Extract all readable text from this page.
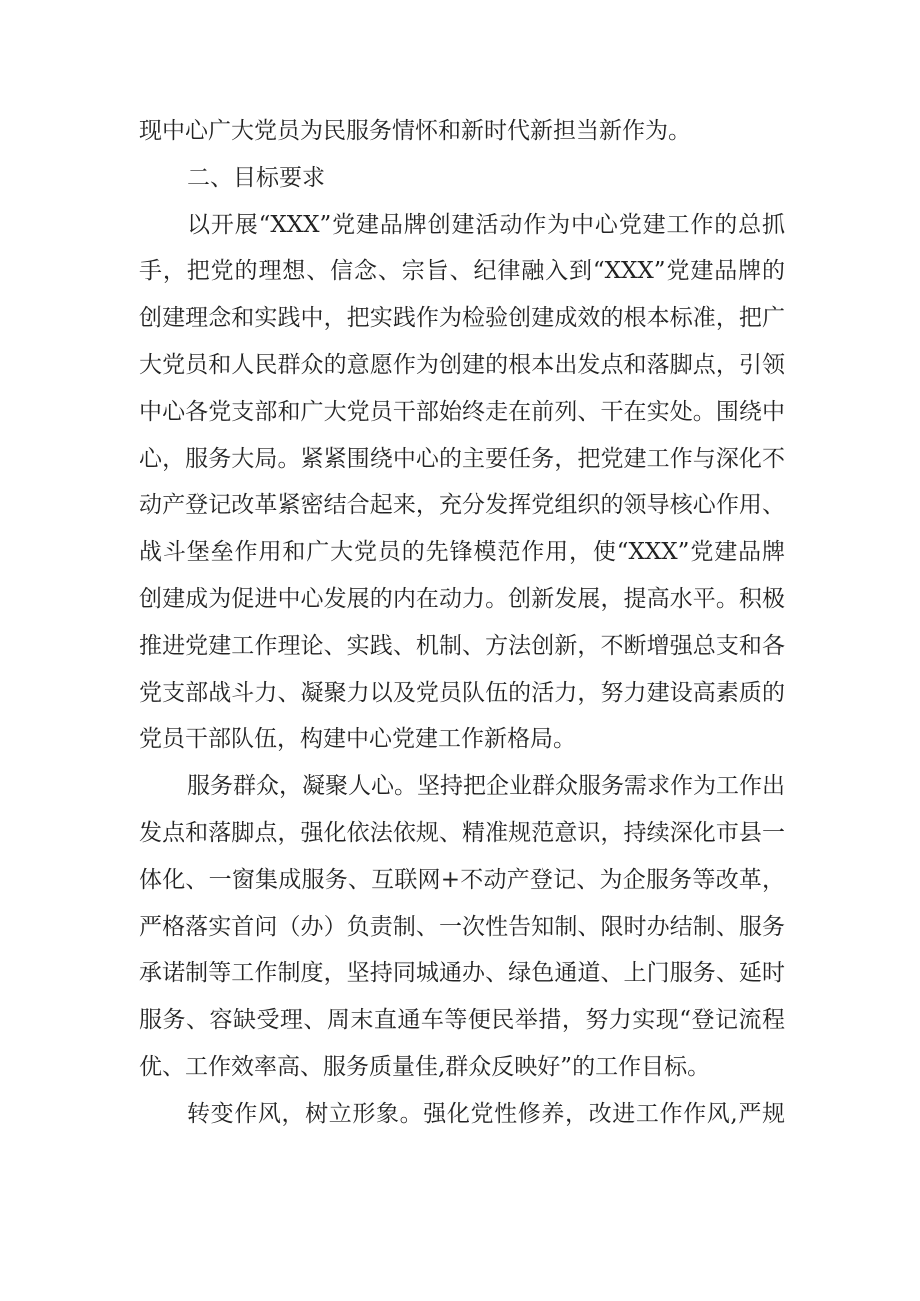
现中心广大党员为民服务情怀和新时代新担当新作为。
二、目标要求
以开展“XXX”党建品牌创建活动作为中心党建工作的总抓
手，把党的理想、信念、宗旨、纪律融入到“XXX”党建品牌的
创建理念和实践中，把实践作为检验创建成效的根本标准，把广
大党员和人民群众的意愿作为创建的根本出发点和落脚点，引领
中心各党支部和广大党员干部始终走在前列、干在实处。围绕中
心，服务大局。紧紧围绕中心的主要任务，把党建工作与深化不
动产登记改革紧密结合起来，充分发挥党组织的领导核心作用、
战斗堡垒作用和广大党员的先锋模范作用，使“XXX”党建品牌
创建成为促进中心发展的内在动力。创新发展，提高水平。积极
推进党建工作理论、实践、机制、方法创新，不断增强总支和各
党支部战斗力、凝聚力以及党员队伍的活力，努力建设高素质的
党员干部队伍，构建中心党建工作新格局。
服务群众，凝聚人心。坚持把企业群众服务需求作为工作出
发点和落脚点，强化依法依规、精准规范意识，持续深化市县一
体化、一窗集成服务、互联网+不动产登记、为企服务等改革，
严格落实首问（办）负责制、一次性告知制、限时办结制、服务
承诺制等工作制度，坚持同城通办、绿色通道、上门服务、延时
服务、容缺受理、周末直通车等便民举措，努力实现“登记流程
优、工作效率高、服务质量佳,群众反映好”的工作目标。
转变作风，树立形象。强化党性修养，改进工作作风,严规
